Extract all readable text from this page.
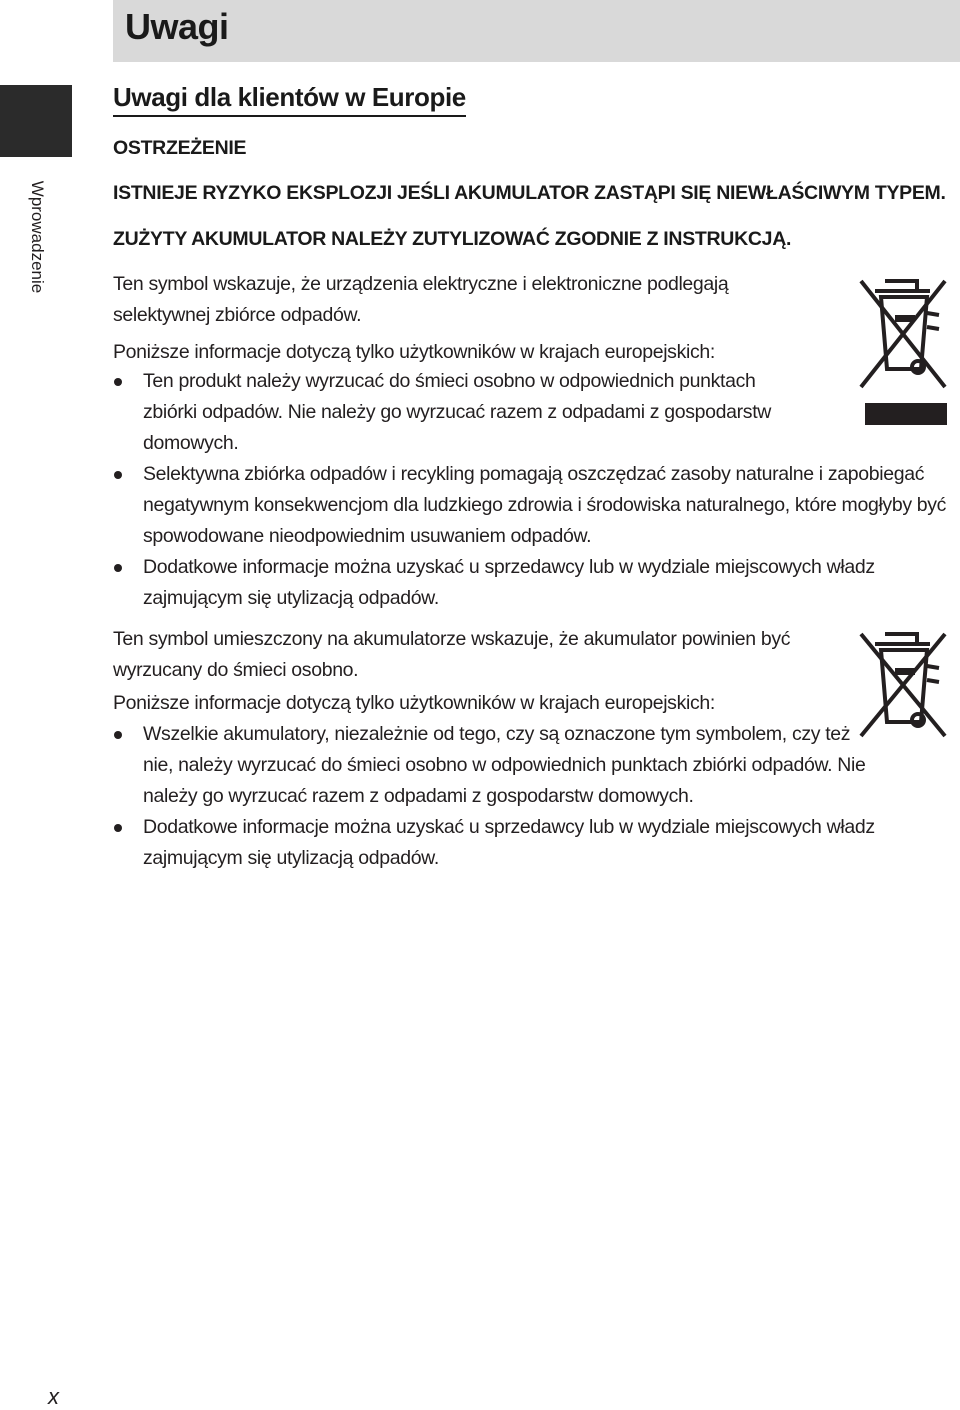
Uwagi
Wprowadzenie
Uwagi dla klientów w Europie
OSTRZEŻENIE
ISTNIEJE RYZYKO EKSPLOZJI JEŚLI AKUMULATOR ZASTĄPI SIĘ NIEWŁAŚCIWYM TYPEM.
ZUŻYTY AKUMULATOR NALEŻY ZUTYLIZOWAĆ ZGODNIE Z INSTRUKCJĄ.
Ten symbol wskazuje, że urządzenia elektryczne i elektroniczne podlegają selektywnej zbiórce odpadów.
Poniższe informacje dotyczą tylko użytkowników w krajach europejskich:
Ten produkt należy wyrzucać do śmieci osobno w odpowiednich punktach zbiórki odpadów. Nie należy go wyrzucać razem z odpadami z gospodarstw domowych.
Selektywna zbiórka odpadów i recykling pomagają oszczędzać zasoby naturalne i zapobiegać negatywnym konsekwencjom dla ludzkiego zdrowia i środowiska naturalnego, które mogłyby być spowodowane nieodpowiednim usuwaniem odpadów.
Dodatkowe informacje można uzyskać u sprzedawcy lub w wydziale miejscowych władz zajmującym się utylizacją odpadów.
Ten symbol umieszczony na akumulatorze wskazuje, że akumulator powinien być wyrzucany do śmieci osobno.
Poniższe informacje dotyczą tylko użytkowników w krajach europejskich:
Wszelkie akumulatory, niezależnie od tego, czy są oznaczone tym symbolem, czy też nie, należy wyrzucać do śmieci osobno w odpowiednich punktach zbiórki odpadów. Nie należy go wyrzucać razem z odpadami z gospodarstw domowych.
Dodatkowe informacje można uzyskać u sprzedawcy lub w wydziale miejscowych władz zajmującym się utylizacją odpadów.
x
